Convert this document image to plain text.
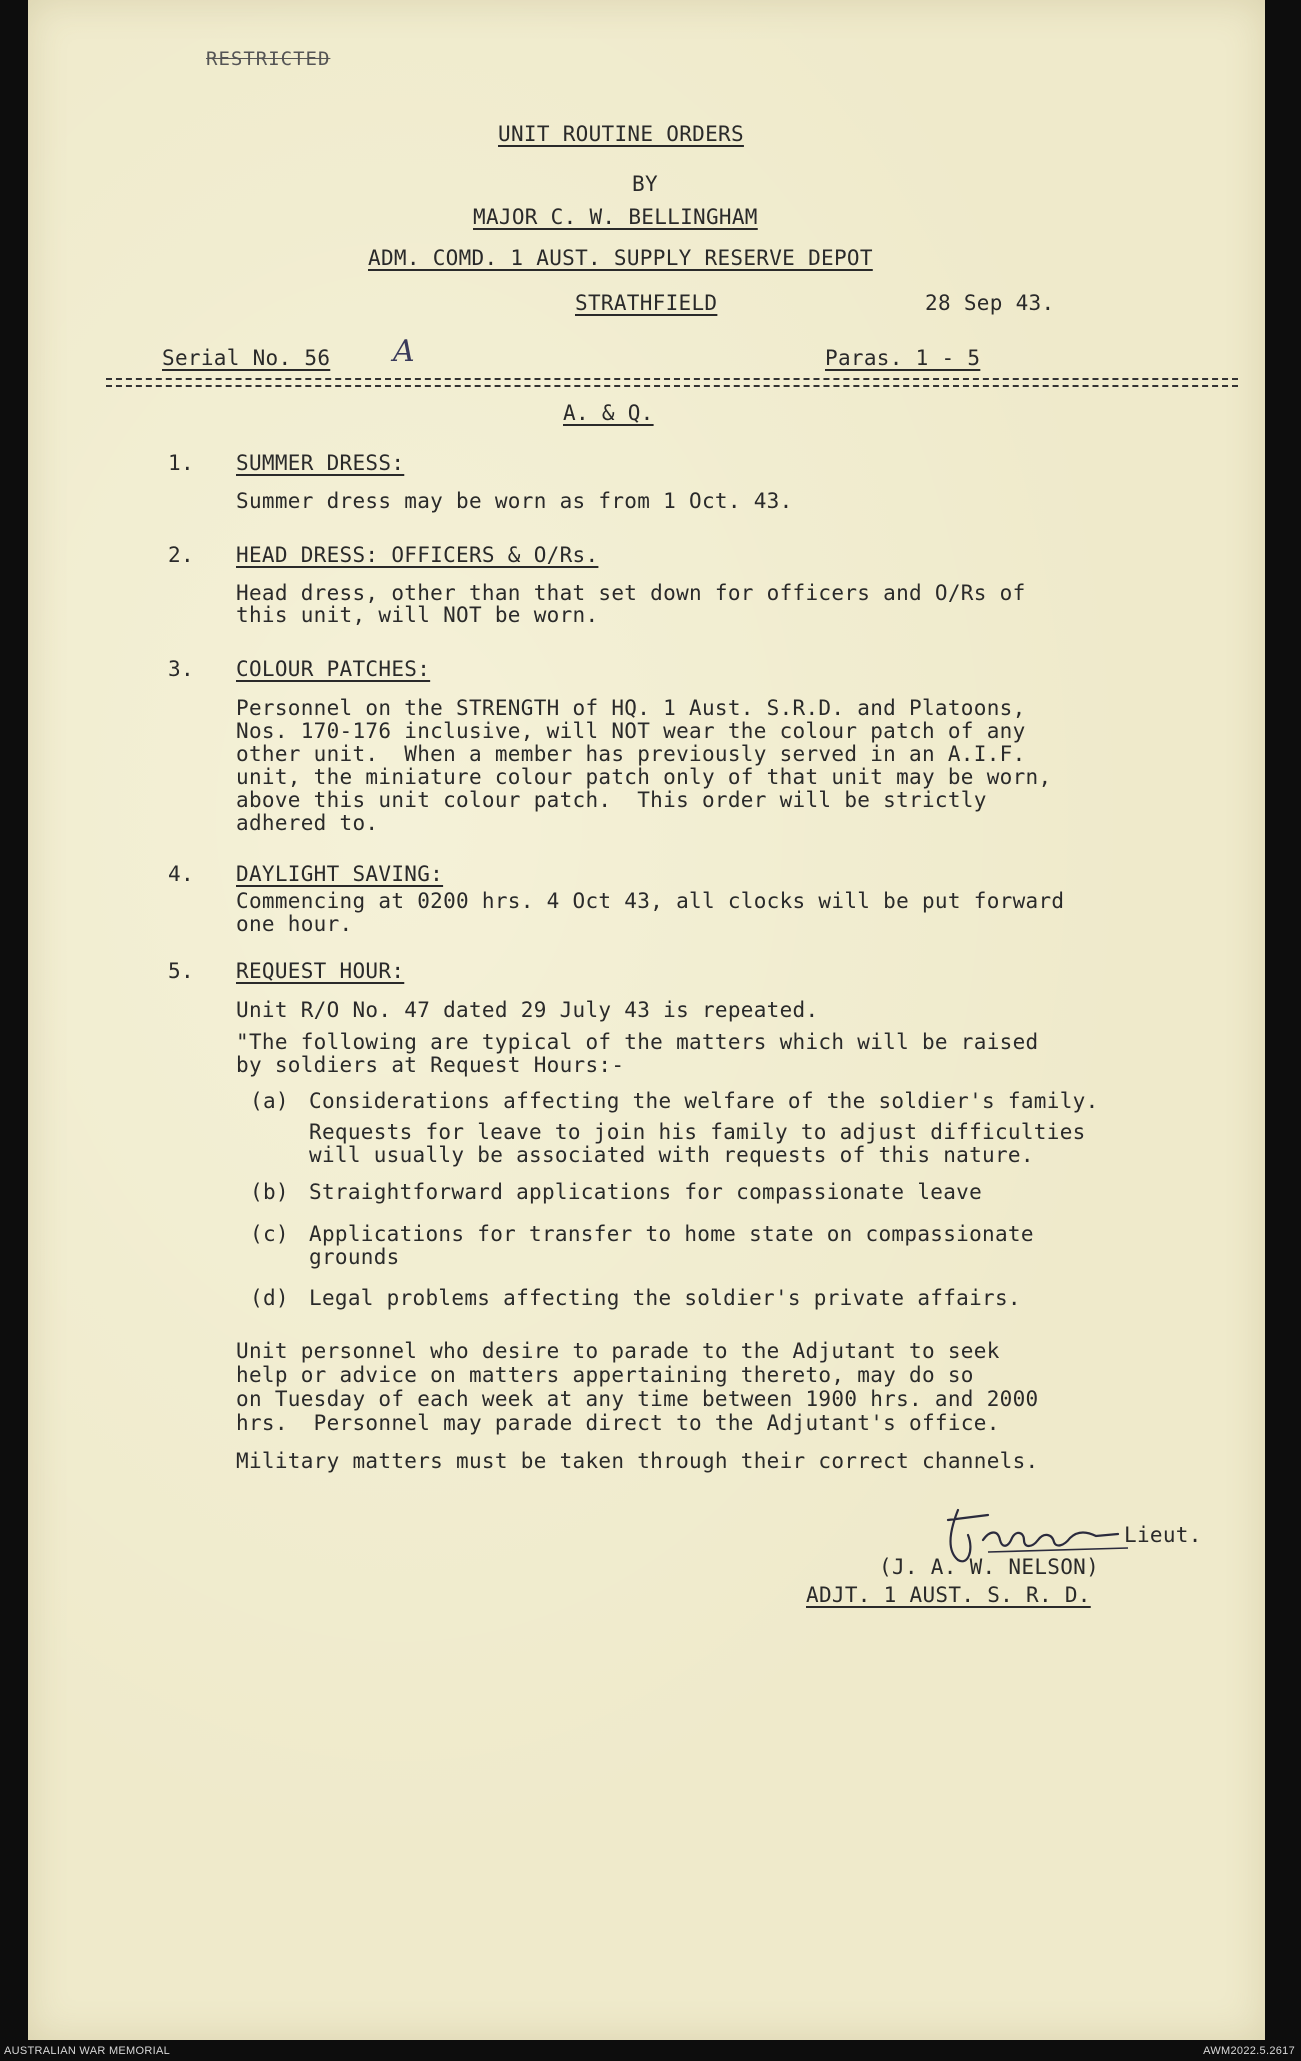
RESTRICTED
UNIT ROUTINE ORDERS
BY
MAJOR C. W. BELLINGHAM
ADM. COMD. 1 AUST. SUPPLY RESERVE DEPOT
STRATHFIELD	28 Sep 43.
Serial No. 56 A	Paras. 1 - 5
A. & Q.
1. SUMMER DRESS:
Summer dress may be worn as from 1 Oct. 43.
2. HEAD DRESS: OFFICERS & O/Rs.
Head dress, other than that set down for officers and O/Rs of
this unit, will NOT be worn.
3. COLOUR PATCHES:
Personnel on the STRENGTH of HQ. 1 Aust. S.R.D. and Platoons,
Nos. 170-176 inclusive, will NOT wear the colour patch of any
other unit.  When a member has previously served in an A.I.F.
unit, the miniature colour patch only of that unit may be worn,
above this unit colour patch.  This order will be strictly
adhered to.
4. DAYLIGHT SAVING:
Commencing at 0200 hrs. 4 Oct 43, all clocks will be put forward
one hour.
5. REQUEST HOUR:
Unit R/O No. 47 dated 29 July 43 is repeated.
"The following are typical of the matters which will be raised
by soldiers at Request Hours:-
(a) Considerations affecting the welfare of the soldier's family.
Requests for leave to join his family to adjust difficulties
will usually be associated with requests of this nature.
(b) Straightforward applications for compassionate leave
(c) Applications for transfer to home state on compassionate
grounds
(d) Legal problems affecting the soldier's private affairs.
Unit personnel who desire to parade to the Adjutant to seek
help or advice on matters appertaining thereto, may do so
on Tuesday of each week at any time between 1900 hrs. and 2000
hrs.  Personnel may parade direct to the Adjutant's office.
Military matters must be taken through their correct channels.
Lieut.
(J. A. W. NELSON)
ADJT. 1 AUST. S. R. D.
AUSTRALIAN WAR MEMORIAL	AWM2022.5.2617
